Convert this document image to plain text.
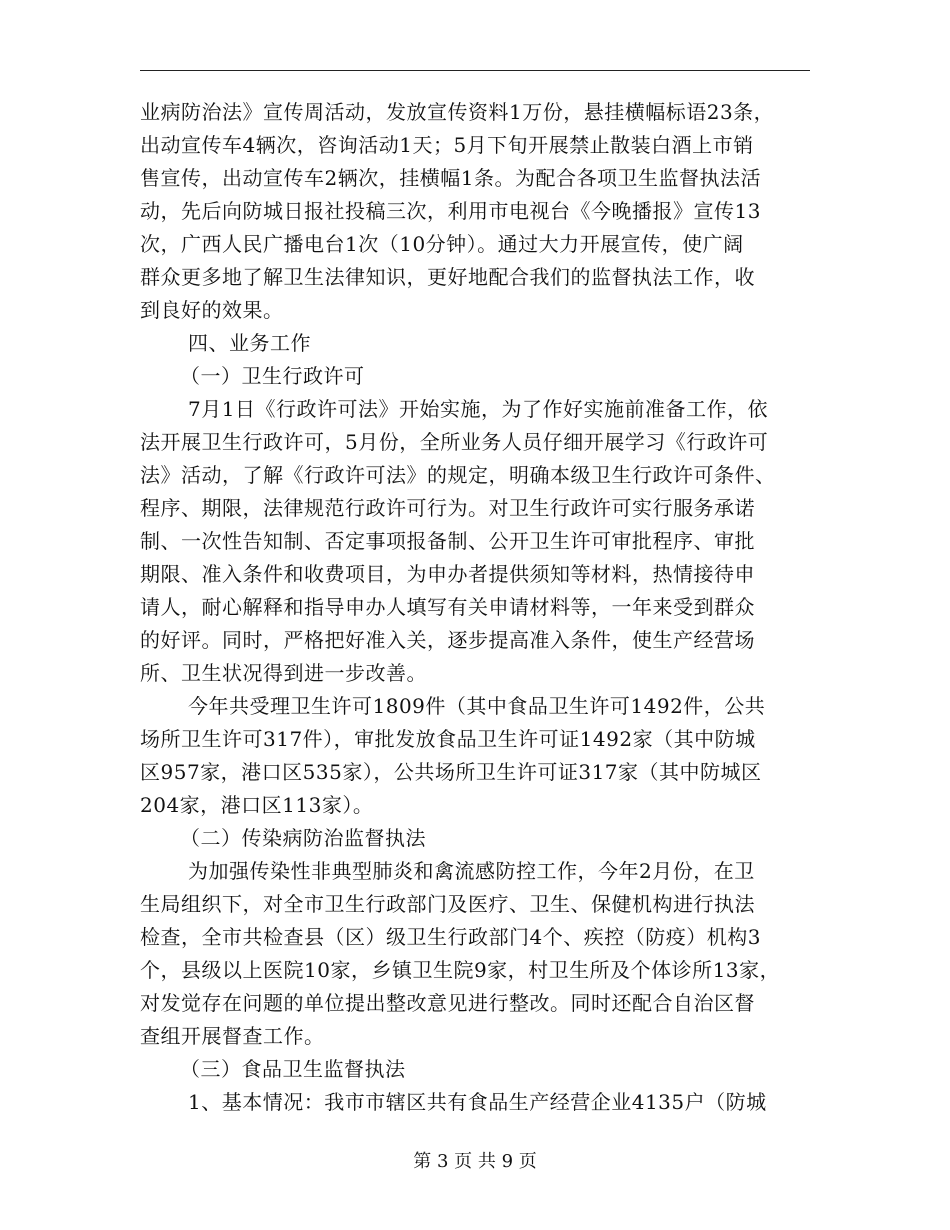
业病防治法》宣传周活动，发放宣传资料1万份，悬挂横幅标语23条，
出动宣传车4辆次，咨询活动1天；5月下旬开展禁止散装白酒上市销
售宣传，出动宣传车2辆次，挂横幅1条。为配合各项卫生监督执法活
动，先后向防城日报社投稿三次，利用市电视台《今晚播报》宣传13
次，广西人民广播电台1次（10分钟）。通过大力开展宣传，使广阔
群众更多地了解卫生法律知识，更好地配合我们的监督执法工作，收
到良好的效果。
四、业务工作
（一）卫生行政许可
7月1日《行政许可法》开始实施，为了作好实施前准备工作，依
法开展卫生行政许可，5月份，全所业务人员仔细开展学习《行政许可
法》活动，了解《行政许可法》的规定，明确本级卫生行政许可条件、
程序、期限，法律规范行政许可行为。对卫生行政许可实行服务承诺
制、一次性告知制、否定事项报备制、公开卫生许可审批程序、审批
期限、准入条件和收费项目，为申办者提供须知等材料，热情接待申
请人，耐心解释和指导申办人填写有关申请材料等，一年来受到群众
的好评。同时，严格把好准入关，逐步提高准入条件，使生产经营场
所、卫生状况得到进一步改善。
今年共受理卫生许可1809件（其中食品卫生许可1492件，公共
场所卫生许可317件），审批发放食品卫生许可证1492家（其中防城
区957家，港口区535家），公共场所卫生许可证317家（其中防城区
204家，港口区113家）。
（二）传染病防治监督执法
为加强传染性非典型肺炎和禽流感防控工作，今年2月份，在卫
生局组织下，对全市卫生行政部门及医疗、卫生、保健机构进行执法
检查，全市共检查县（区）级卫生行政部门4个、疾控（防疫）机构3
个，县级以上医院10家，乡镇卫生院9家，村卫生所及个体诊所13家，
对发觉存在问题的单位提出整改意见进行整改。同时还配合自治区督
查组开展督查工作。
（三）食品卫生监督执法
1、基本情况：我市市辖区共有食品生产经营企业4135户（防城
第 3 页 共 9 页
